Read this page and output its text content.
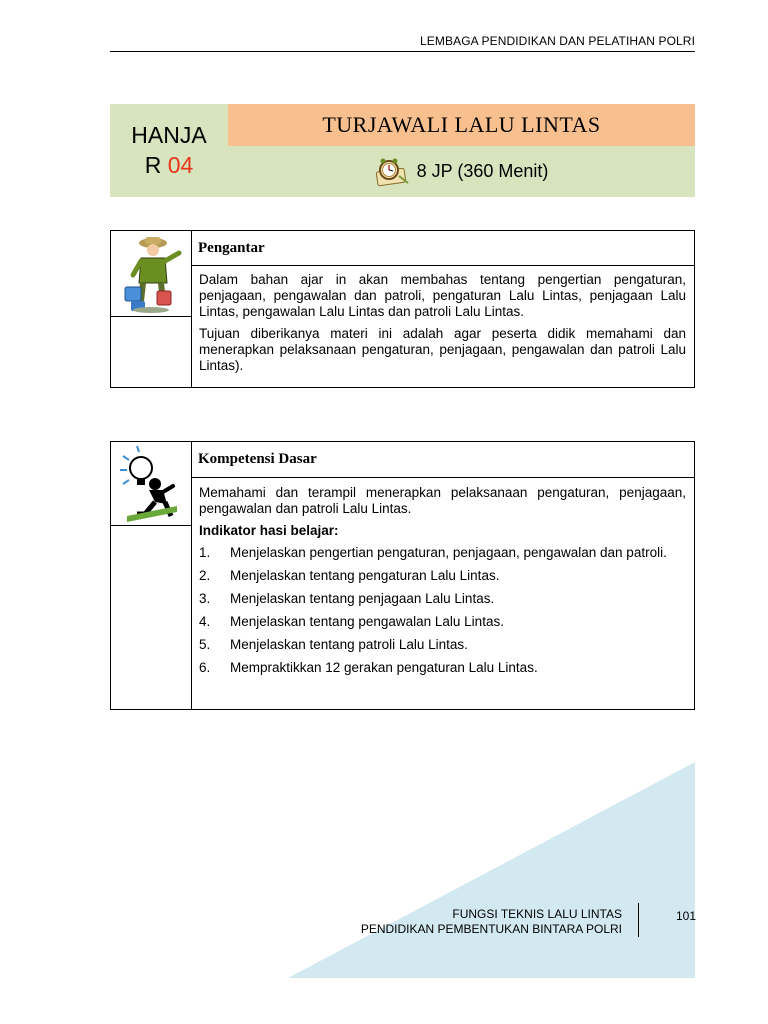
LEMBAGA PENDIDIKAN DAN PELATIHAN POLRI
HANJA
R 04
TURJAWALI LALU LINTAS
8 JP (360 Menit)
Pengantar

Dalam bahan ajar in akan membahas tentang pengertian pengaturan, penjagaan, pengawalan dan patroli, pengaturan Lalu Lintas, penjagaan Lalu Lintas, pengawalan Lalu Lintas dan patroli Lalu Lintas.

Tujuan diberikanya materi ini adalah agar peserta didik memahami dan menerapkan pelaksanaan pengaturan, penjagaan, pengawalan dan patroli Lalu Lintas).

Kompetensi Dasar

Memahami dan terampil menerapkan pelaksanaan pengaturan, penjagaan, pengawalan dan patroli Lalu Lintas.

Indikator hasi belajar:
1.	Menjelaskan pengertian pengaturan, penjagaan, pengawalan dan patroli.
2.	Menjelaskan tentang pengaturan Lalu Lintas.
3.	Menjelaskan tentang penjagaan Lalu Lintas.
4.	Menjelaskan tentang pengawalan Lalu Lintas.
5.	Menjelaskan tentang patroli Lalu Lintas.
6.	Mempraktikkan 12 gerakan pengaturan Lalu Lintas.
FUNGSI TEKNIS LALU LINTAS
PENDIDIKAN PEMBENTUKAN BINTARA POLRI
101
